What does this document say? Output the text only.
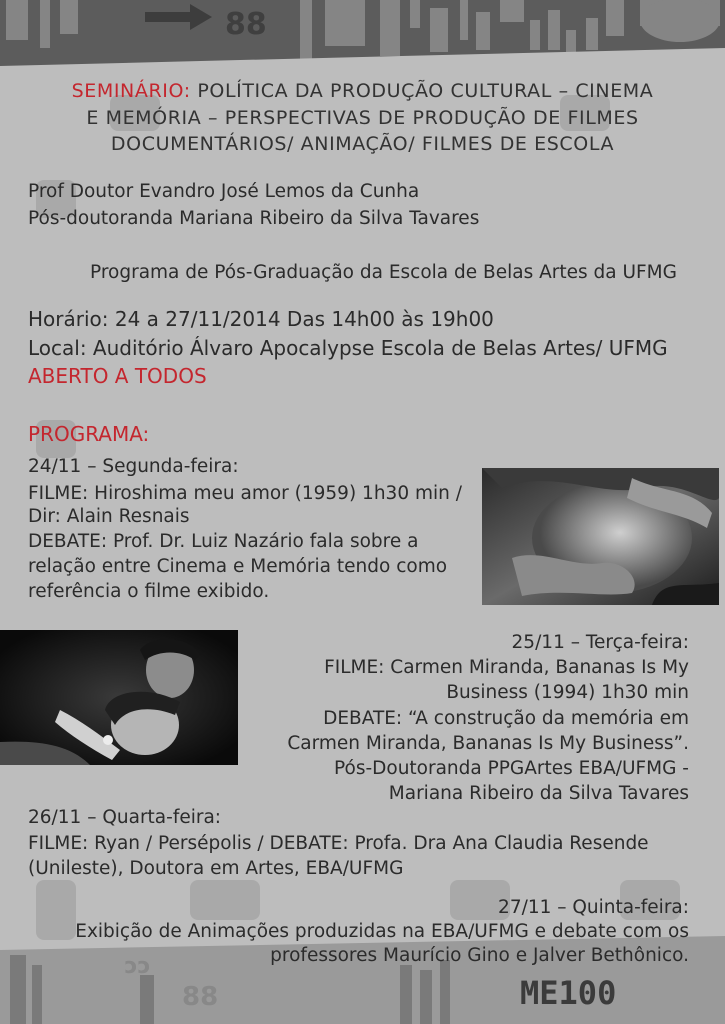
88
cc
88	ME100
SEMINÁRIO: POLÍTICA DA PRODUÇÃO CULTURAL – CINEMA
E MEMÓRIA – PERSPECTIVAS DE PRODUÇÃO DE FILMES
DOCUMENTÁRIOS/ ANIMAÇÃO/ FILMES DE ESCOLA
Prof Doutor Evandro José Lemos da Cunha
Pós-doutoranda Mariana Ribeiro da Silva Tavares
Programa de Pós-Graduação da Escola de Belas Artes da UFMG
Horário: 24 a 27/11/2014 Das 14h00 às 19h00
Local: Auditório Álvaro Apocalypse Escola de Belas Artes/ UFMG
ABERTO A TODOS
PROGRAMA:
24/11 – Segunda-feira:
FILME: Hiroshima meu amor (1959) 1h30 min /
Dir: Alain Resnais
DEBATE: Prof. Dr. Luiz Nazário fala sobre a
relação entre Cinema e Memória tendo como
referência o filme exibido.
25/11 – Terça-feira:
FILME: Carmen Miranda, Bananas Is My
Business (1994) 1h30 min
DEBATE: “A construção da memória em
Carmen Miranda, Bananas Is My Business”.
Pós-Doutoranda PPGArtes EBA/UFMG -
Mariana Ribeiro da Silva Tavares
26/11 – Quarta-feira:
FILME: Ryan / Persépolis / DEBATE: Profa. Dra Ana Claudia Resende
(Unileste), Doutora em Artes, EBA/UFMG
27/11 – Quinta-feira:
Exibição de Animações produzidas na EBA/UFMG e debate com os
professores Maurício Gino e Jalver Bethônico.
